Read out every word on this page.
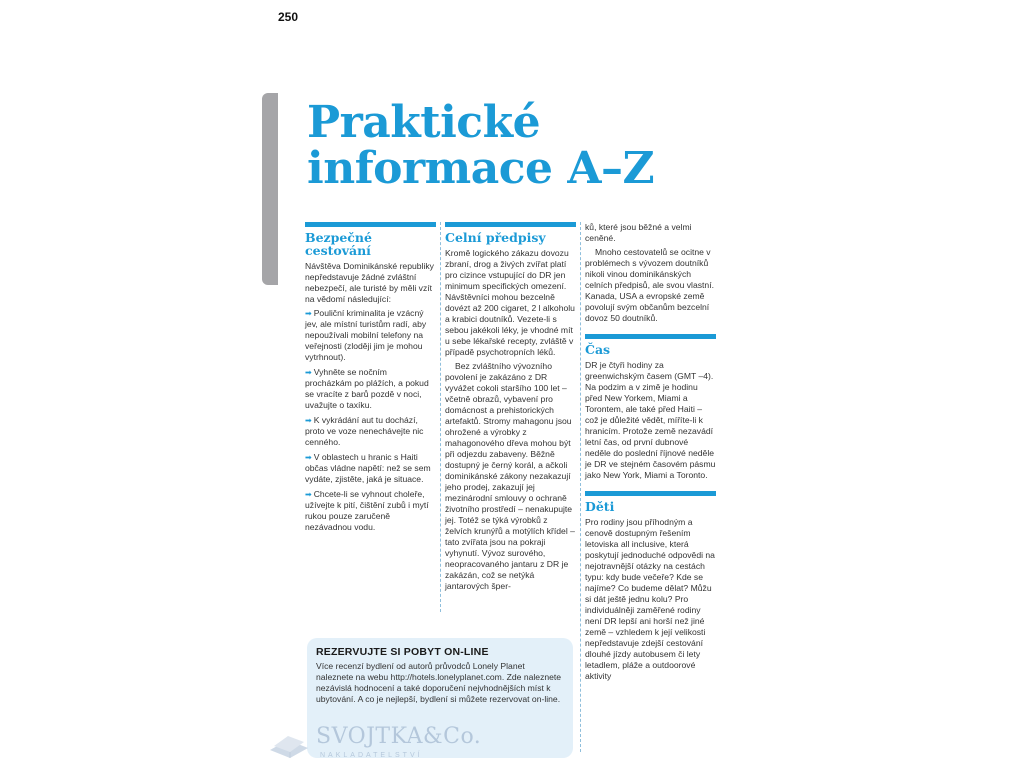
250
Praktické
informace A–Z
Bezpečné cestování

Návštěva Dominikánské republiky nepředstavuje žádné zvláštní nebezpečí, ale turisté by měli vzít na vědomí následující:

➡ Pouliční kriminalita je vzácný jev, ale místní turistům radí, aby nepoužívali mobilní telefony na veřejnosti (zloději jim je mohou vytrhnout).
➡ Vyhněte se nočním procházkám po plážích, a pokud se vracíte z barů pozdě v noci, uvažujte o taxíku.
➡ K vykrádání aut tu dochází, proto ve voze nenechávejte nic cenného.
➡ V oblastech u hranic s Haiti občas vládne napětí: než se sem vydáte, zjistěte, jaká je situace.
➡ Chcete-li se vyhnout choleře, užívejte k pití, čištění zubů i mytí rukou pouze zaručeně nezávadnou vodu.
Celní předpisy

Kromě logického zákazu dovozu zbraní, drog a živých zvířat platí pro cizince vstupující do DR jen minimum specifických omezení. Návštěvníci mohou bezcelně dovézt až 200 cigaret, 2 l alkoholu a krabici doutníků. Vezete-li s sebou jakékoli léky, je vhodné mít u sebe lékařské recepty, zvláště v případě psychotropních léků.

Bez zvláštního vývozního povolení je zakázáno z DR vyvážet cokoli staršího 100 let – včetně obrazů, vybavení pro domácnost a prehistorických artefaktů. Stromy mahagonu jsou ohrožené a výrobky z mahagonového dřeva mohou být při odjezdu zabaveny. Běžně dostupný je černý korál, a ačkoli dominikánské zákony nezakazují jeho prodej, zakazují jej mezinárodní smlouvy o ochraně životního prostředí – nenakupujte jej. Totéž se týká výrobků z želvích krunýřů a motýlích křídel – tato zvířata jsou na pokraji vyhynutí. Vývoz surového, neopracovaného jantaru z DR je zakázán, což se netýká jantarových šper-

ků, které jsou běžné a velmi ceněné.

Mnoho cestovatelů se ocitne v problémech s vývozem doutníků nikoli vinou dominikánských celních předpisů, ale svou vlastní. Kanada, USA a evropské země povolují svým občanům bezcelní dovoz 50 doutníků.

Čas

DR je čtyři hodiny za greenwichským časem (GMT –4). Na podzim a v zimě je hodinu před New Yorkem, Miami a Torontem, ale také před Haiti – což je důležité vědět, míříte-li k hranicím. Protože země nezavádí letní čas, od první dubnové neděle do poslední říjnové neděle je DR ve stejném časovém pásmu jako New York, Miami a Toronto.

Děti

Pro rodiny jsou příhodným a cenově dostupným řešením letoviska all inclusive, která poskytují jednoduché odpovědi na nejotravnější otázky na cestách typu: kdy bude večeře? Kde se najíme? Co budeme dělat? Můžu si dát ještě jednu kolu? Pro individuálněji zaměřené rodiny není DR lepší ani horší než jiné země – vzhledem k její velikosti nepředstavuje zdejší cestování dlouhé jízdy autobusem či lety letadlem, pláže a outdoorové aktivity

REZERVUJTE SI POBYT ON-LINE
Více recenzí bydlení od autorů průvodců Lonely Planet naleznete na webu http://hotels.lonelyplanet.com. Zde naleznete nezávislá hodnocení a také doporučení nejvhodnějších míst k ubytování. A co je nejlepší, bydlení si můžete rezervovat on-line.
SVOJTKA&Co.
NAKLADATELSTVÍ
